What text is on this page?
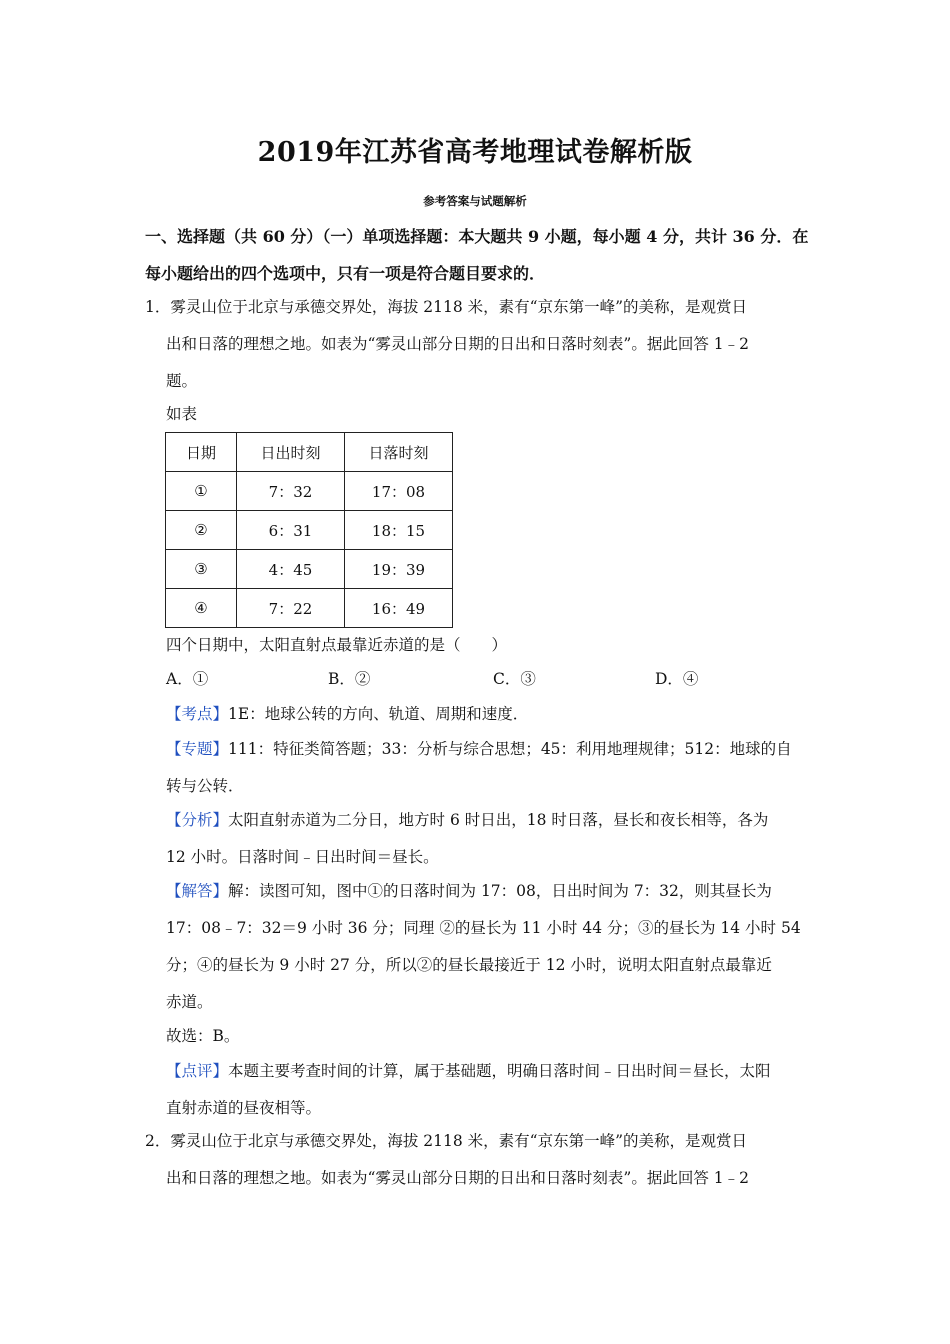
2019年江苏省高考地理试卷解析版
参考答案与试题解析
一、选择题（共 60 分）（一）单项选择题：本大题共 9 小题，每小题 4 分，共计 36 分．在
每小题给出的四个选项中，只有一项是符合题目要求的．
1．雾灵山位于北京与承德交界处，海拔 2118 米，素有“京东第一峰”的美称，是观赏日
出和日落的理想之地。如表为“雾灵山部分日期的日出和日落时刻表”。据此回答 1﹣2
题。
如表
日期	日出时刻	日落时刻
①	7：32	17：08
②	6：31	18：15
③	4：45	19：39
④	7：22	16：49
四个日期中，太阳直射点最靠近赤道的是（　　）
A．①	B．②	C．③	D．④
【考点】1E：地球公转的方向、轨道、周期和速度．
【专题】111：特征类简答题；33：分析与综合思想；45：利用地理规律；512：地球的自
转与公转．
【分析】太阳直射赤道为二分日，地方时 6 时日出，18 时日落，昼长和夜长相等，各为
12 小时。日落时间﹣日出时间＝昼长。
【解答】解：读图可知，图中①的日落时间为 17：08，日出时间为 7：32，则其昼长为
17：08﹣7：32＝9 小时 36 分；同理 ②的昼长为 11 小时 44 分；③的昼长为 14 小时 54
分；④的昼长为 9 小时 27 分，所以②的昼长最接近于 12 小时，说明太阳直射点最靠近
赤道。
故选：B。
【点评】本题主要考查时间的计算，属于基础题，明确日落时间﹣日出时间＝昼长，太阳
直射赤道的昼夜相等。
2．雾灵山位于北京与承德交界处，海拔 2118 米，素有“京东第一峰”的美称，是观赏日
出和日落的理想之地。如表为“雾灵山部分日期的日出和日落时刻表”。据此回答 1﹣2
